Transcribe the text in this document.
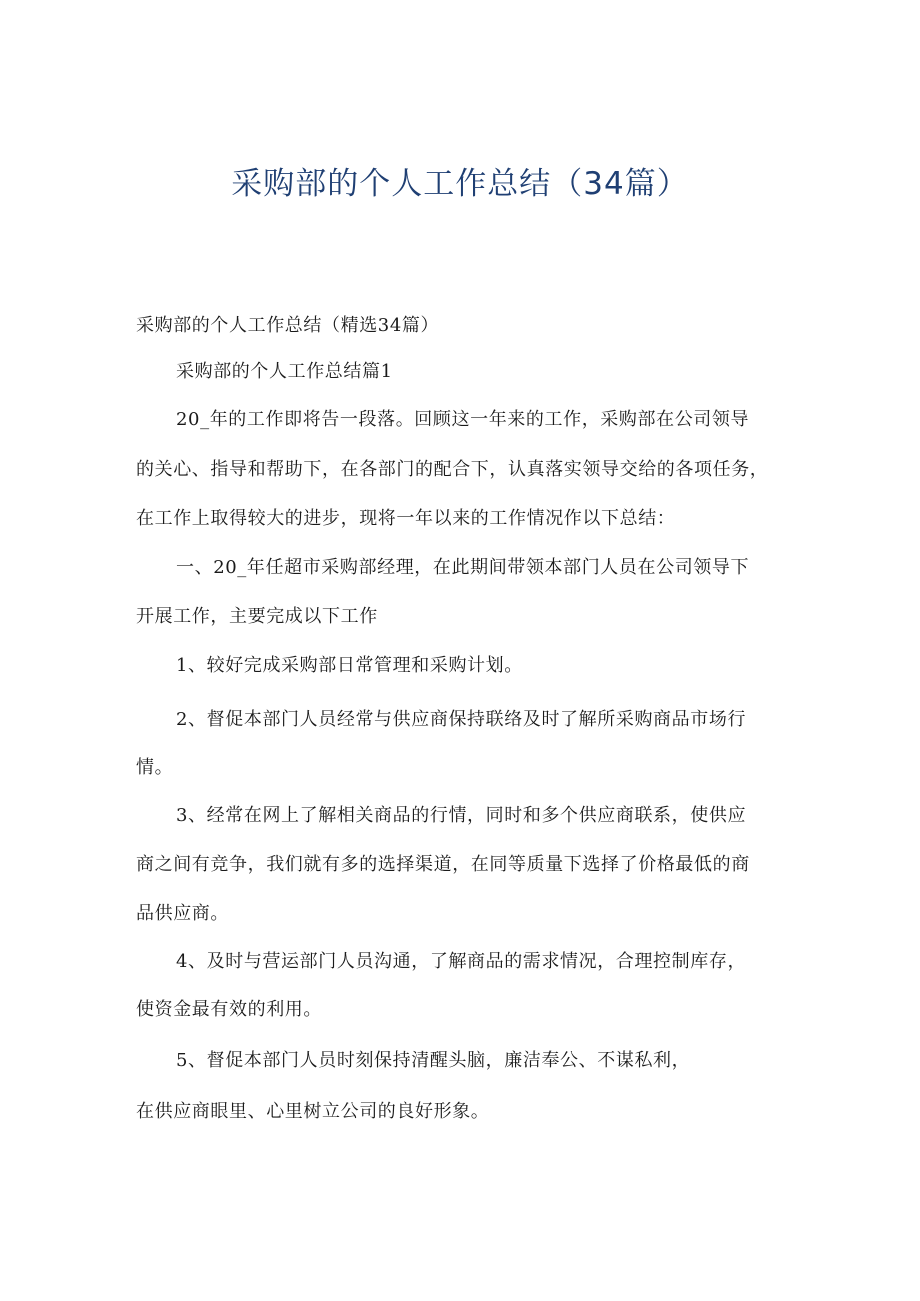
采购部的个人工作总结（34篇）
采购部的个人工作总结（精选34篇）
采购部的个人工作总结篇1
20_年的工作即将告一段落。回顾这一年来的工作，采购部在公司领导
的关心、指导和帮助下，在各部门的配合下，认真落实领导交给的各项任务，
在工作上取得较大的进步，现将一年以来的工作情况作以下总结：
一、20_年任超市采购部经理，在此期间带领本部门人员在公司领导下
开展工作，主要完成以下工作
1、较好完成采购部日常管理和采购计划。
2、督促本部门人员经常与供应商保持联络及时了解所采购商品市场行
情。
3、经常在网上了解相关商品的行情，同时和多个供应商联系，使供应
商之间有竞争，我们就有多的选择渠道，在同等质量下选择了价格最低的商
品供应商。
4、及时与营运部门人员沟通，了解商品的需求情况，合理控制库存，
使资金最有效的利用。
5、督促本部门人员时刻保持清醒头脑，廉洁奉公、不谋私利，
在供应商眼里、心里树立公司的良好形象。
